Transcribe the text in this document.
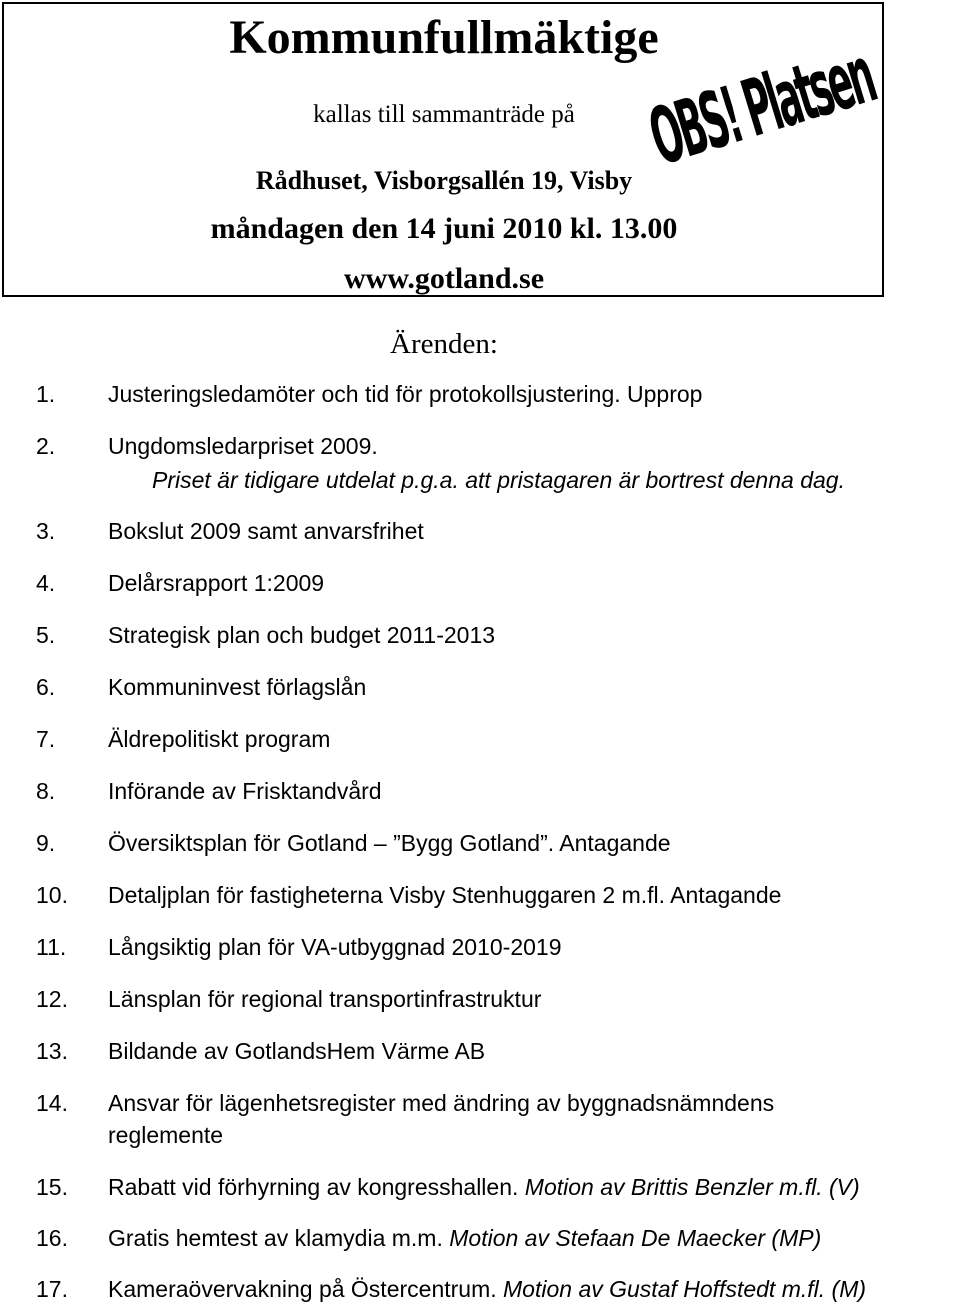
Kommunfullmäktige
kallas till sammanträde på
Rådhuset, Visborgsallén 19, Visby
måndagen den 14 juni 2010 kl. 13.00
www.gotland.se
OBS! Platsen
Ärenden:
1. Justeringsledamöter och tid för protokollsjustering. Upprop
2. Ungdomsledarpriset 2009.
Priset är tidigare utdelat p.g.a. att pristagaren är bortrest denna dag.
3. Bokslut 2009 samt anvarsfrihet
4. Delårsrapport 1:2009
5. Strategisk plan och budget 2011-2013
6. Kommuninvest förlagslån
7. Äldrepolitiskt program
8. Införande av Frisktandvård
9. Översiktsplan för Gotland – ”Bygg Gotland”. Antagande
10. Detaljplan för fastigheterna Visby Stenhuggaren 2 m.fl. Antagande
11. Långsiktig plan för VA-utbyggnad 2010-2019
12. Länsplan för regional transportinfrastruktur
13. Bildande av GotlandsHem Värme AB
14. Ansvar för lägenhetsregister med ändring av byggnadsnämndens
reglemente
15. Rabatt vid förhyrning av kongresshallen. Motion av Brittis Benzler m.fl. (V)
16. Gratis hemtest av klamydia m.m. Motion av Stefaan De Maecker (MP)
17. Kameraövervakning på Östercentrum. Motion av Gustaf Hoffstedt m.fl. (M)
